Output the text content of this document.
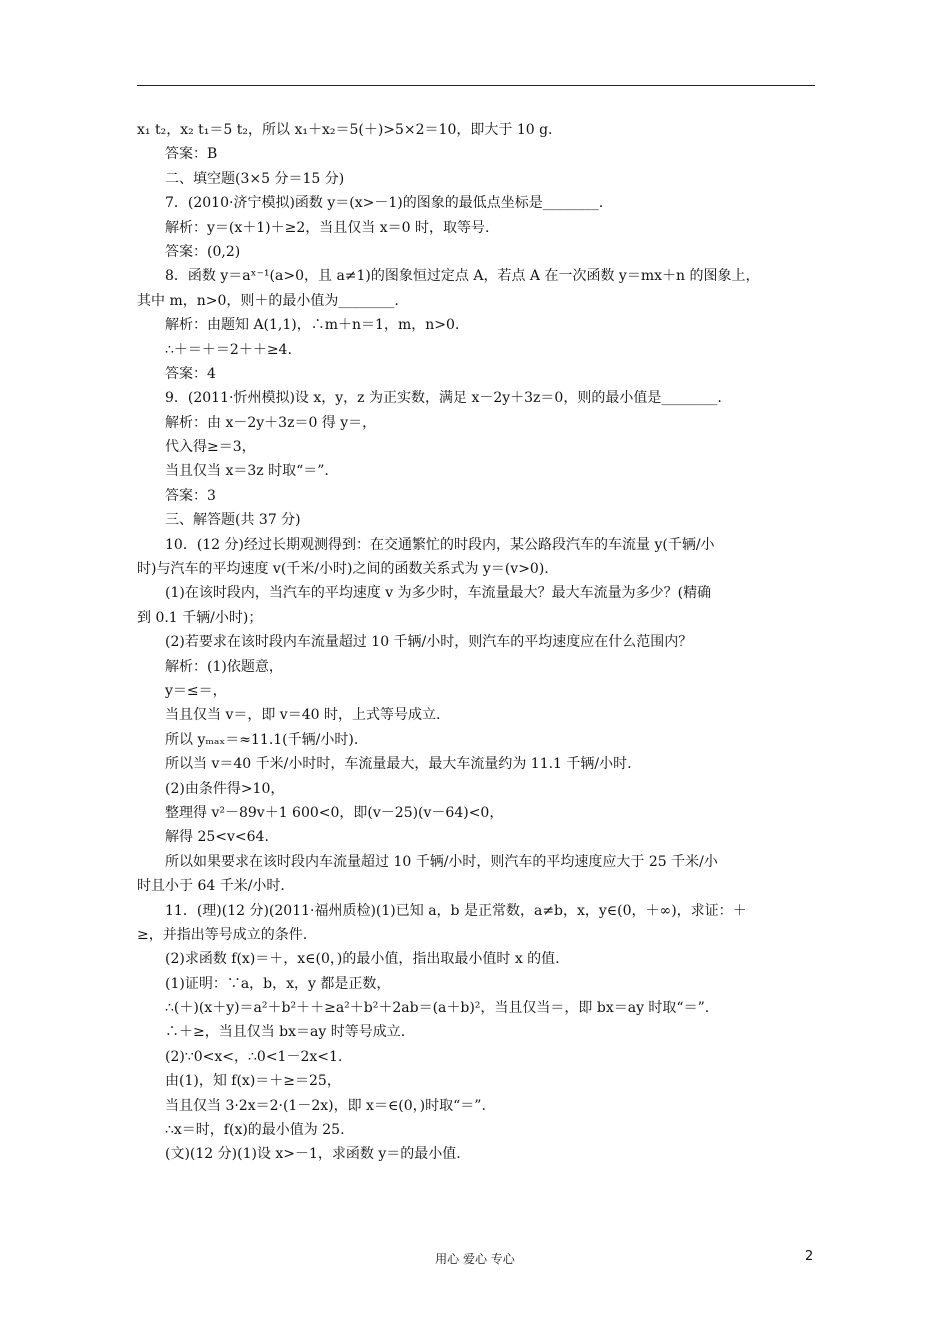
x₁ t₂，x₂ t₁＝5 t₂，所以 x₁＋x₂＝5(＋)>5×2＝10，即大于 10 g.
答案：B
二、填空题(3×5 分＝15 分)
7．(2010·济宁模拟)函数 y＝(x>－1)的图象的最低点坐标是________.
解析：y＝(x＋1)＋≥2，当且仅当 x＝0 时，取等号.
答案：(0,2)
8．函数 y＝aˣ⁻¹(a>0，且 a≠1)的图象恒过定点 A，若点 A 在一次函数 y＝mx＋n 的图象上，
其中 m，n>0，则＋的最小值为________.
解析：由题知 A(1,1)，∴m＋n＝1，m，n>0.
∴＋＝＋＝2＋＋≥4.
答案：4
9．(2011·忻州模拟)设 x，y，z 为正实数，满足 x－2y＋3z＝0，则的最小值是________.
解析：由 x－2y＋3z＝0 得 y＝，
代入得≥＝3，
当且仅当 x＝3z 时取“＝”.
答案：3
三、解答题(共 37 分)
10．(12 分)经过长期观测得到：在交通繁忙的时段内，某公路段汽车的车流量 y(千辆/小
时)与汽车的平均速度 v(千米/小时)之间的函数关系式为 y＝(v>0).
(1)在该时段内，当汽车的平均速度 v 为多少时，车流量最大？最大车流量为多少？(精确
到 0.1 千辆/小时)；
(2)若要求在该时段内车流量超过 10 千辆/小时，则汽车的平均速度应在什么范围内？
解析：(1)依题意，
y＝≤＝，
当且仅当 v＝，即 v＝40 时，上式等号成立.
所以 yₘₐₓ＝≈11.1(千辆/小时).
所以当 v＝40 千米/小时时，车流量最大，最大车流量约为 11.1 千辆/小时.
(2)由条件得>10，
整理得 v²－89v＋1 600<0，即(v－25)(v－64)<0，
解得 25<v<64.
所以如果要求在该时段内车流量超过 10 千辆/小时，则汽车的平均速度应大于 25 千米/小
时且小于 64 千米/小时.
11．(理)(12 分)(2011·福州质检)(1)已知 a，b 是正常数，a≠b，x，y∈(0，＋∞)，求证：＋
≥，并指出等号成立的条件.
(2)求函数 f(x)＝＋，x∈(0，)的最小值，指出取最小值时 x 的值.
(1)证明：∵a，b，x，y 都是正数，
∴(＋)(x＋y)＝a²＋b²＋＋≥a²＋b²＋2ab＝(a＋b)²，当且仅当＝，即 bx＝ay 时取“＝”.
∴＋≥，当且仅当 bx＝ay 时等号成立.
(2)∵0<x<，∴0<1－2x<1.
由(1)，知 f(x)＝＋≥＝25，
当且仅当 3·2x＝2·(1－2x)，即 x＝∈(0，)时取“＝”.
∴x＝时，f(x)的最小值为 25.
(文)(12 分)(1)设 x>－1，求函数 y＝的最小值.
用心 爱心 专心	2
